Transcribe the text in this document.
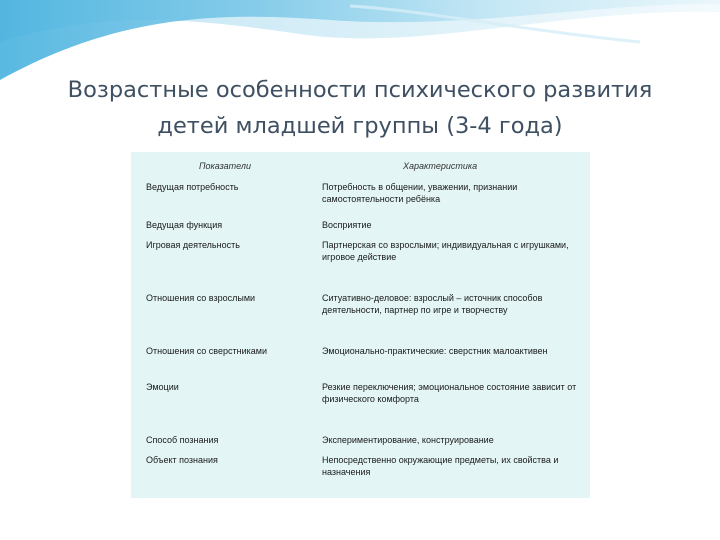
Возрастные особенности психического развития детей младшей группы (3-4 года)
Показатели	Характеристика
Ведущая потребность	Потребность в общении, уважении, признании самостоятельности ребёнка
Ведущая функция	Восприятие
Игровая деятельность	Партнерская со взрослыми; индивидуальная с игрушками, игровое действие
Отношения со взрослыми	Ситуативно-деловое: взрослый – источник способов деятельности, партнер по игре и творчеству
Отношения со сверстниками	Эмоционально-практические: сверстник малоактивен
Эмоции	Резкие переключения; эмоциональное состояние зависит от физического комфорта
Способ познания	Экспериментирование, конструирование
Объект познания	Непосредственно окружающие предметы, их свойства и назначения
